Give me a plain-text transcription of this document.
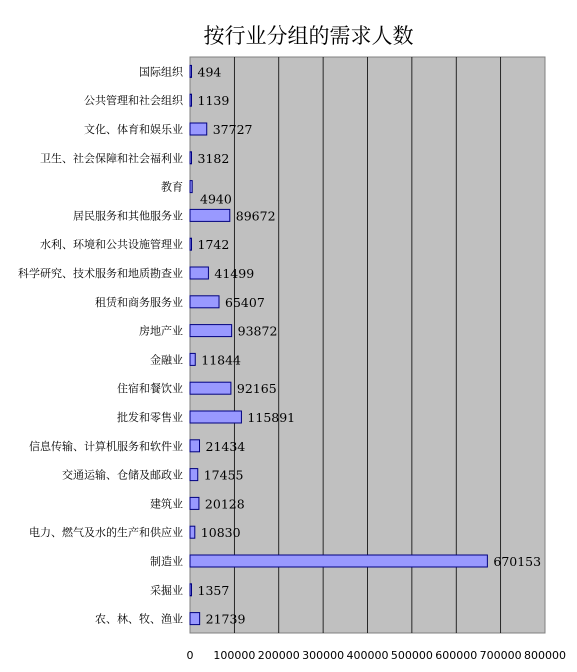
按行业分组的需求人数
494
1139
37727
3182
4940
89672
1742
41499
65407
93872
11844
92165
115891
21434
17455
20128
10830
670153
1357
21739
国际组织
公共管理和社会组织
文化、体育和娱乐业
卫生、社会保障和社会福利业
教育
居民服务和其他服务业
水利、环境和公共设施管理业
科学研究、技术服务和地质勘查业
租赁和商务服务业
房地产业
金融业
住宿和餐饮业
批发和零售业
信息传输、计算机服务和软件业
交通运输、仓储及邮政业
建筑业
电力、燃气及水的生产和供应业
制造业
采掘业
农、林、牧、渔业
0 100000 200000 300000 400000 500000 600000 700000 800000
